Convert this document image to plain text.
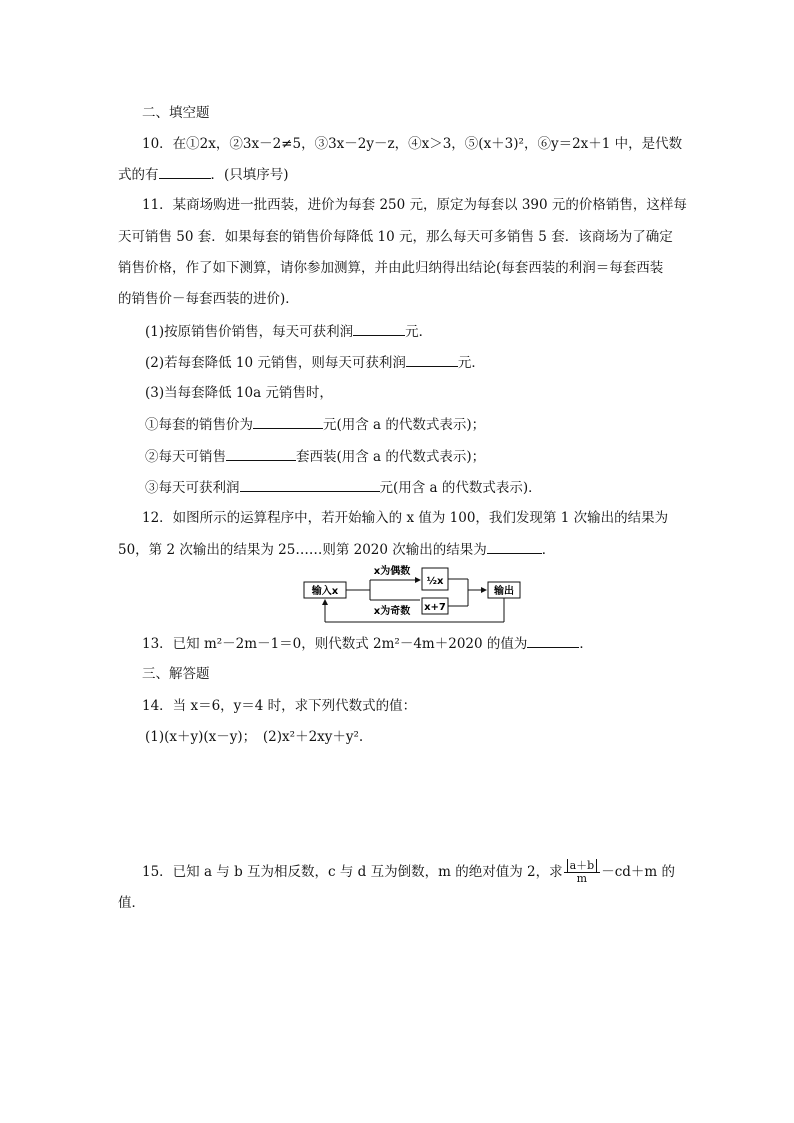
二、填空题
10．在①2x，②3x－2≠5，③3x－2y－z，④x＞3，⑤(x＋3)²，⑥y＝2x＋1 中，是代数
式的有	．(只填序号)
11．某商场购进一批西装，进价为每套 250 元，原定为每套以 390 元的价格销售，这样每
天可销售 50 套．如果每套的销售价每降低 10 元，那么每天可多销售 5 套．该商场为了确定
销售价格，作了如下测算，请你参加测算，并由此归纳得出结论(每套西装的利润＝每套西装
的销售价－每套西装的进价)．
(1)按原销售价销售，每天可获利润	元．
(2)若每套降低 10 元销售，则每天可获利润	元．
(3)当每套降低 10a 元销售时，
①每套的销售价为	元(用含 a 的代数式表示)；
②每天可销售	套西装(用含 a 的代数式表示)；
③每天可获利润	元(用含 a 的代数式表示)．
12．如图所示的运算程序中，若开始输入的 x 值为 100，我们发现第 1 次输出的结果为
50，第 2 次输出的结果为 25……则第 2020 次输出的结果为	．
输入x
x为偶数
½x
x为奇数 x+7
输出
13．已知 m²－2m－1＝0，则代数式 2m²－4m＋2020 的值为	．
三、解答题
14．当 x＝6，y＝4 时，求下列代数式的值：
(1)(x＋y)(x－y)；　(2)x²＋2xy＋y².
15．已知 a 与 b 互为相反数，c 与 d 互为倒数，m 的绝对值为 2，求 $\frac{a+b}{m} -cd+m$ 的
值．
